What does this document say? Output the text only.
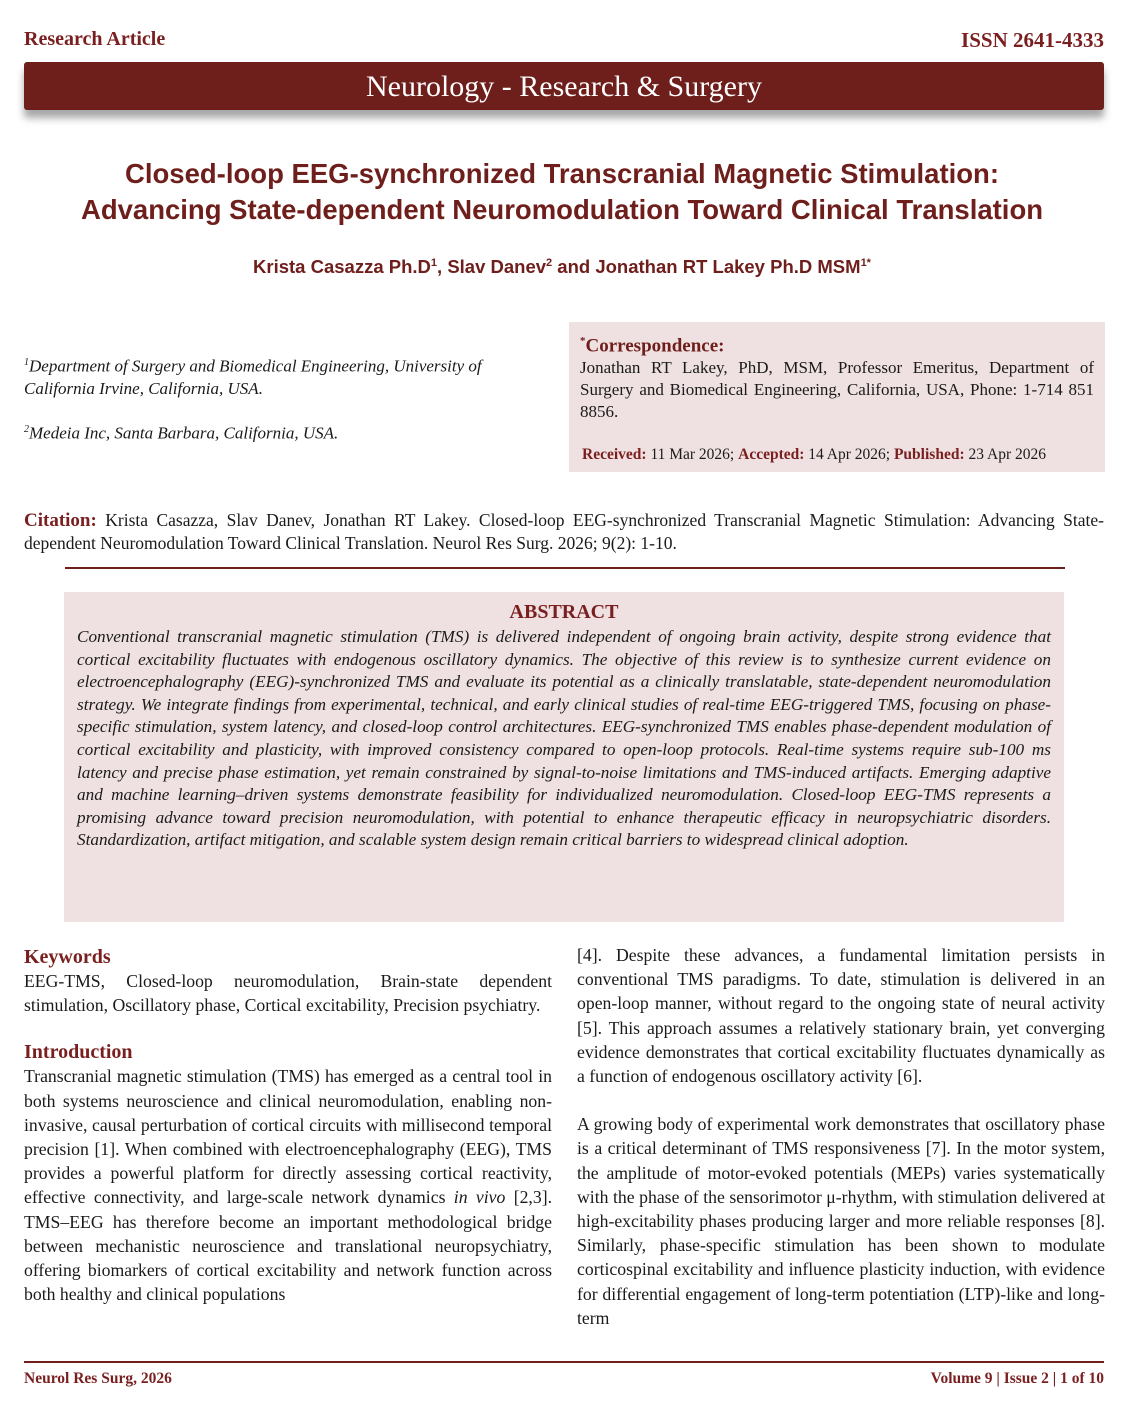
Research Article	ISSN 2641-4333
Neurology - Research & Surgery
Closed-loop EEG-synchronized Transcranial Magnetic Stimulation:
Advancing State-dependent Neuromodulation Toward Clinical Translation
Krista Casazza $Ph.D^1$, Slav Danev$^2$ and Jonathan RT Lakey Ph.D $MSM^{1*}$
$^1$Department of Surgery and Biomedical Engineering, University of California Irvine, California, USA.
$^2$Medeia Inc, Santa Barbara, California, USA.
*Correspondence:
Jonathan RT Lakey, PhD, MSM, Professor Emeritus, Department of Surgery and Biomedical Engineering, California, USA, Phone: 1-714 851 8856.
Received: 11 Mar 2026; Accepted: 14 Apr 2026; Published: 23 Apr 2026
Citation: Krista Casazza, Slav Danev, Jonathan RT Lakey. Closed-loop EEG-synchronized Transcranial Magnetic Stimulation: Advancing State-dependent Neuromodulation Toward Clinical Translation. Neurol Res Surg. 2026; 9(2): 1-10.
ABSTRACT
Conventional transcranial magnetic stimulation (TMS) is delivered independent of ongoing brain activity, despite strong evidence that cortical excitability fluctuates with endogenous oscillatory dynamics. The objective of this review is to synthesize current evidence on electroencephalography (EEG)-synchronized TMS and evaluate its potential as a clinically translatable, state-dependent neuromodulation strategy. We integrate findings from experimental, technical, and early clinical studies of real-time EEG-triggered TMS, focusing on phase-specific stimulation, system latency, and closed-loop control architectures. EEG-synchronized TMS enables phase-dependent modulation of cortical excitability and plasticity, with improved consistency compared to open-loop protocols. Real-time systems require sub-100 ms latency and precise phase estimation, yet remain constrained by signal-to-noise limitations and TMS-induced artifacts. Emerging adaptive and machine learning–driven systems demonstrate feasibility for individualized neuromodulation. Closed-loop EEG-TMS represents a promising advance toward precision neuromodulation, with potential to enhance therapeutic efficacy in neuropsychiatric disorders. Standardization, artifact mitigation, and scalable system design remain critical barriers to widespread clinical adoption.
Keywords

EEG-TMS, Closed-loop neuromodulation, Brain-state dependent stimulation, Oscillatory phase, Cortical excitability, Precision psychiatry.

Introduction

Transcranial magnetic stimulation (TMS) has emerged as a central tool in both systems neuroscience and clinical neuromodulation, enabling non-invasive, causal perturbation of cortical circuits with millisecond temporal precision [1]. When combined with electroencephalography (EEG), TMS provides a powerful platform for directly assessing cortical reactivity, effective connectivity, and large-scale network dynamics in vivo [2,3]. TMS–EEG has therefore become an important methodological bridge between mechanistic neuroscience and translational neuropsychiatry, offering biomarkers of cortical excitability and network function across both healthy and clinical populations

[4]. Despite these advances, a fundamental limitation persists in conventional TMS paradigms. To date, stimulation is delivered in an open-loop manner, without regard to the ongoing state of neural activity [5]. This approach assumes a relatively stationary brain, yet converging evidence demonstrates that cortical excitability fluctuates dynamically as a function of endogenous oscillatory activity [6].

A growing body of experimental work demonstrates that oscillatory phase is a critical determinant of TMS responsiveness [7]. In the motor system, the amplitude of motor-evoked potentials (MEPs) varies systematically with the phase of the sensorimotor μ-rhythm, with stimulation delivered at high-excitability phases producing larger and more reliable responses [8]. Similarly, phase-specific stimulation has been shown to modulate corticospinal excitability and influence plasticity induction, with evidence for differential engagement of long-term potentiation (LTP)-like and long-term

Neurol Res Surg, 2026	Volume 9 | Issue 2 | 1 of 10
